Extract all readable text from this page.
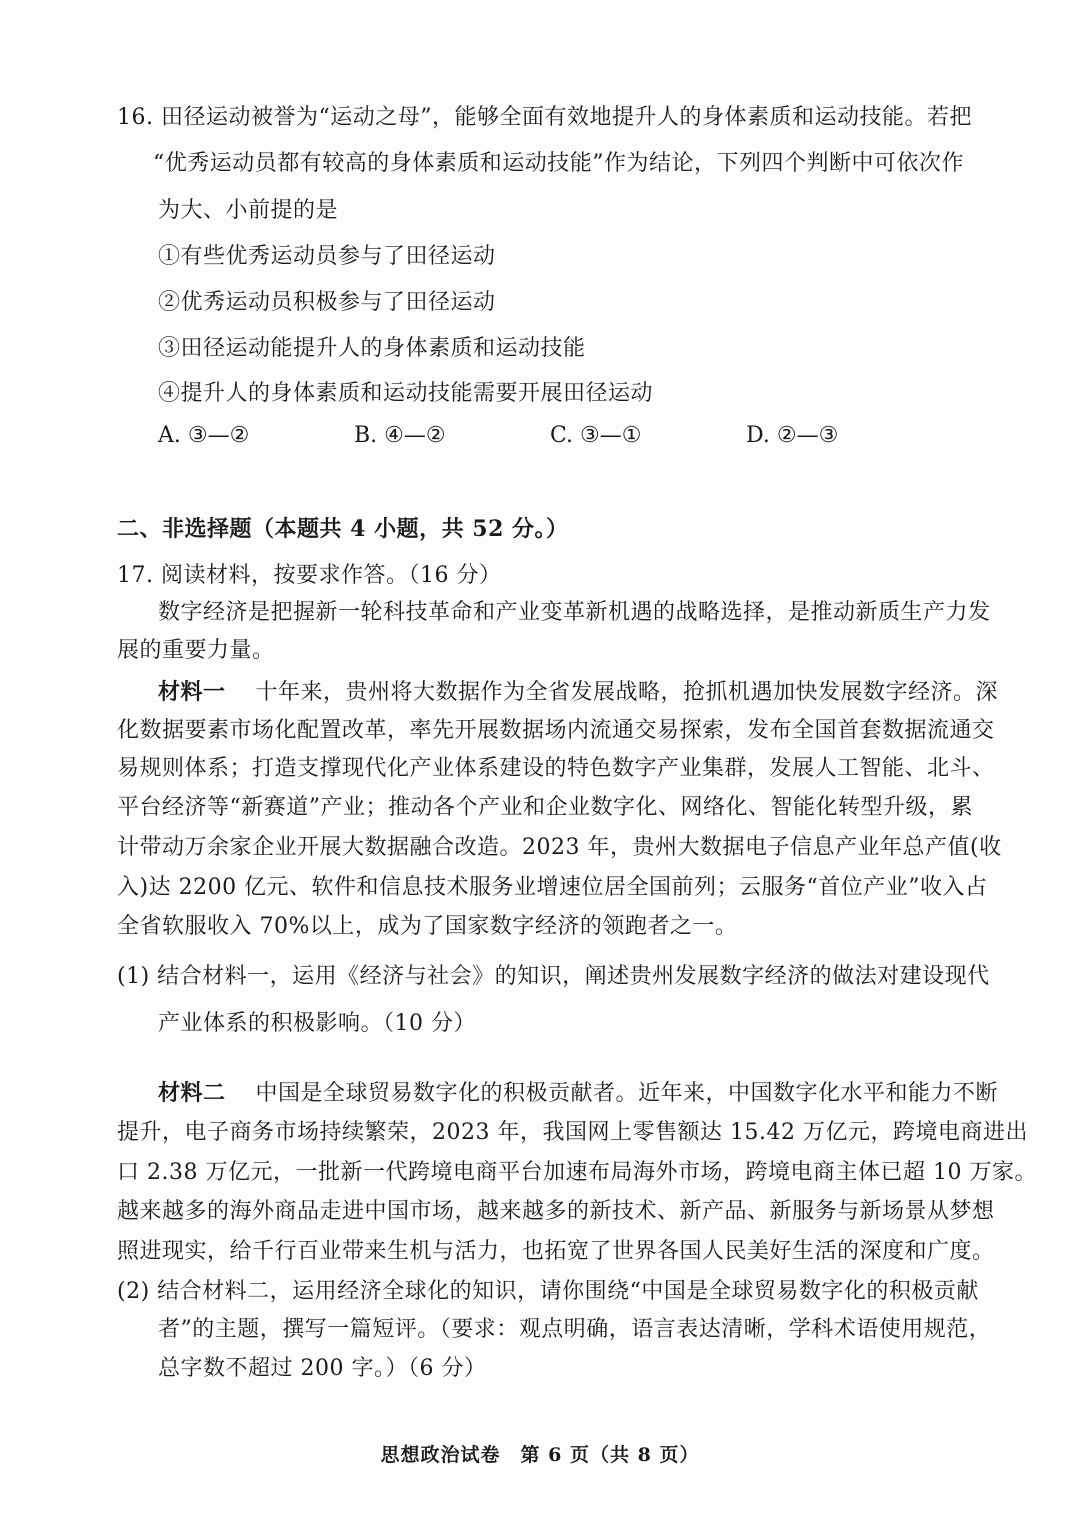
16. 田径运动被誉为“运动之母”，能够全面有效地提升人的身体素质和运动技能。若把
“优秀运动员都有较高的身体素质和运动技能”作为结论，下列四个判断中可依次作
为大、小前提的是
①有些优秀运动员参与了田径运动
②优秀运动员积极参与了田径运动
③田径运动能提升人的身体素质和运动技能
④提升人的身体素质和运动技能需要开展田径运动
A. ③—②	B. ④—②	C. ③—①	D. ②—③
二、非选择题（本题共 4 小题，共 52 分。）
17. 阅读材料，按要求作答。（16 分）
数字经济是把握新一轮科技革命和产业变革新机遇的战略选择，是推动新质生产力发
展的重要力量。
材料一 十年来，贵州将大数据作为全省发展战略，抢抓机遇加快发展数字经济。深
化数据要素市场化配置改革，率先开展数据场内流通交易探索，发布全国首套数据流通交
易规则体系；打造支撑现代化产业体系建设的特色数字产业集群，发展人工智能、北斗、
平台经济等“新赛道”产业；推动各个产业和企业数字化、网络化、智能化转型升级，累
计带动万余家企业开展大数据融合改造。2023 年，贵州大数据电子信息产业年总产值(收
入)达 2200 亿元、软件和信息技术服务业增速位居全国前列；云服务“首位产业”收入占
全省软服收入 70%以上，成为了国家数字经济的领跑者之一。
(1) 结合材料一，运用《经济与社会》的知识，阐述贵州发展数字经济的做法对建设现代
产业体系的积极影响。（10 分）
材料二 中国是全球贸易数字化的积极贡献者。近年来，中国数字化水平和能力不断
提升，电子商务市场持续繁荣，2023 年，我国网上零售额达 15.42 万亿元，跨境电商进出
口 2.38 万亿元，一批新一代跨境电商平台加速布局海外市场，跨境电商主体已超 10 万家。
越来越多的海外商品走进中国市场，越来越多的新技术、新产品、新服务与新场景从梦想
照进现实，给千行百业带来生机与活力，也拓宽了世界各国人民美好生活的深度和广度。
(2) 结合材料二，运用经济全球化的知识，请你围绕“中国是全球贸易数字化的积极贡献
者”的主题，撰写一篇短评。（要求：观点明确，语言表达清晰，学科术语使用规范，
总字数不超过 200 字。）（6 分）
思想政治试卷　第 6 页（共 8 页）
